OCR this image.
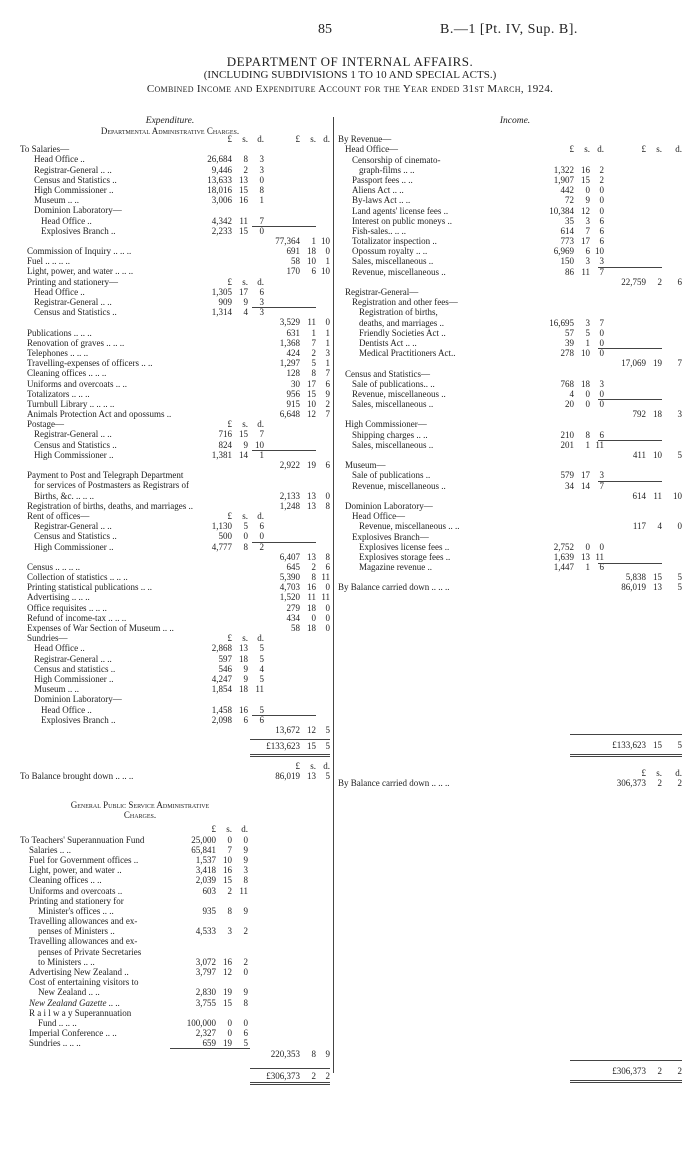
85	B.—1 [Pt. IV, Sup. B].
DEPARTMENT OF INTERNAL AFFAIRS.
(INCLUDING SUBDIVISIONS 1 TO 10 AND SPECIAL ACTS.)
Combined Income and Expenditure Account for the Year ended 31st March, 1924.
Expenditure.
Departmental Administrative Charges.
Income.
£	s.	d.	£	s. d.
To Salaries—
Head Office ..	26,684	8	3
Registrar-General .. ..	9,446	2	3
Census and Statistics ..	13,633 13	0
High Commissioner ..	18,016 15	8
Museum .. ..	3,006 16	1
Dominion Laboratory—
Head Office ..	4,342 11	7
Explosives Branch ..	2,233 15	0
77,364	1 10
Commission of Inquiry .. .. ..	691 18	0
Fuel .. .. .. ..	58 10	1
Light, power, and water .. .. ..	170	6 10
Printing and stationery—	£	s.	d.
Head Office ..	1,305 17	6
Registrar-General .. ..	909	9	3
Census and Statistics ..	1,314	4	3
3,529 11	0
Publications .. .. ..	631	1	1
Renovation of graves .. .. ..	1,368	7	1
Telephones .. .. ..	424	2	3
Travelling-expenses of officers .. ..	1,297	5	1
Cleaning offices .. .. ..	128	8	7
Uniforms and overcoats .. ..	30 17	6
Totalizators .. .. ..	956 15	9
Turnbull Library .. .. .. ..	915 10	2
Animals Protection Act and opossums ..	6,648 12	7
Postage—	£	s.	d.
Registrar-General .. ..	716 15	7
Census and Statistics ..	824	9 10
High Commissioner ..	1,381 14	1
2,922 19	6
Payment to Post and Telegraph Department
for services of Postmasters as Registrars of
Births, &c. .. .. ..	2,133 13	0
Registration of births, deaths, and marriages ..	1,248 13	8
Rent of offices—	£	s.	d.
Registrar-General .. ..	1,130	5	6
Census and Statistics ..	500	0	0
High Commissioner ..	4,777	8	2
6,407 13	8
Census .. .. .. ..	645	2	6
Collection of statistics .. .. ..	5,390	8 11
Printing statistical publications .. ..	4,703 16	0
Advertising .. .. ..	1,520 11 11
Office requisites .. .. ..	279 18	0
Refund of income-tax .. .. ..	434	0	0
Expenses of War Section of Museum .. ..	58 18	0
Sundries—	£	s.	d.
Head Office ..	2,868 13	5
Registrar-General .. ..	597 18	5
Census and statistics ..	546	9	4
High Commissioner ..	4,247	9	5
Museum .. ..	1,854 18 11
Dominion Laboratory—
Head Office ..	1,458 16	5
Explosives Branch ..	2,098	6	6
13,672 12	5
£133,623 15	5
£	s. d.
To Balance brought down .. .. ..	86,019 13	5
£	s. d.	£	s.	d.
By Revenue—
Head Office—
Censorship of cinemato-
graph-films .. ..	1,322 16	2
Passport fees .. ..	1,907 15	2
Aliens Act .. ..	442	0	0
By-laws Act .. ..	72	9	0
Land agents' license fees ..	10,384 12	0
Interest on public moneys ..	35	3	6
Fish-sales.. .. ..	614	7	6
Totalizator inspection ..	773 17	6
Opossum royalty .. ..	6,969	6 10
Sales, miscellaneous ..	150	3	3
Revenue, miscellaneous ..	86 11	7
22,759	2	6
Registrar-General—
Registration and other fees—
Registration of births,
deaths, and marriages ..	16,695	3	7
Friendly Societies Act ..	57	5	0
Dentists Act .. ..	39	1	0
Medical Practitioners Act..	278 10	0
17,069 19	7
Census and Statistics—
Sale of publications.. ..	768 18	3
Revenue, miscellaneous ..	4	0	0
Sales, miscellaneous ..	20	0	0
792 18	3
High Commissioner—
Shipping charges .. ..	210	8	6
Sales, miscellaneous ..	201	1 11
411 10	5
Museum—
Sale of publications ..	579 17	3
Revenue, miscellaneous ..	34 14	7
614 11	10
Dominion Laboratory—
Head Office—
Revenue, miscellaneous .. ..	117	4	0
Explosives Branch—
Explosives license fees ..	2,752	0	0
Explosives storage fees ..	1,639 13 11
Magazine revenue ..	1,447	1	6
5,838 15	5
By Balance carried down .. .. ..	86,019 13	5
£133,623 15	5
£	s.	d.
By Balance carried down .. .. ..	306,373	2	2
£306,373	2	2
General Public Service Administrative
Charges.
£	s.	d.
To Teachers' Superannuation Fund	25,000	0	0
Salaries .. ..	65,841	7	9
Fuel for Government offices ..	1,537 10	9
Light, power, and water ..	3,418 16	3
Cleaning offices .. ..	2,039 15	8
Uniforms and overcoats ..	603	2 11
Printing and stationery for
Minister's offices .. ..	935	8	9
Travelling allowances and ex-
penses of Ministers ..	4,533	3	2
Travelling allowances and ex-
penses of Private Secretaries
to Ministers .. ..	3,072 16	2
Advertising New Zealand ..	3,797 12	0
Cost of entertaining visitors to
New Zealand .. ..	2,830 19	9
New Zealand Gazette .. ..	3,755 15	8
R a i l w a y Superannuation
Fund .. .. ..	100,000	0	0
Imperial Conference .. ..	2,327	0	6
Sundries .. .. ..	659 19	5
220,353	8	9
£306,373	2	2
